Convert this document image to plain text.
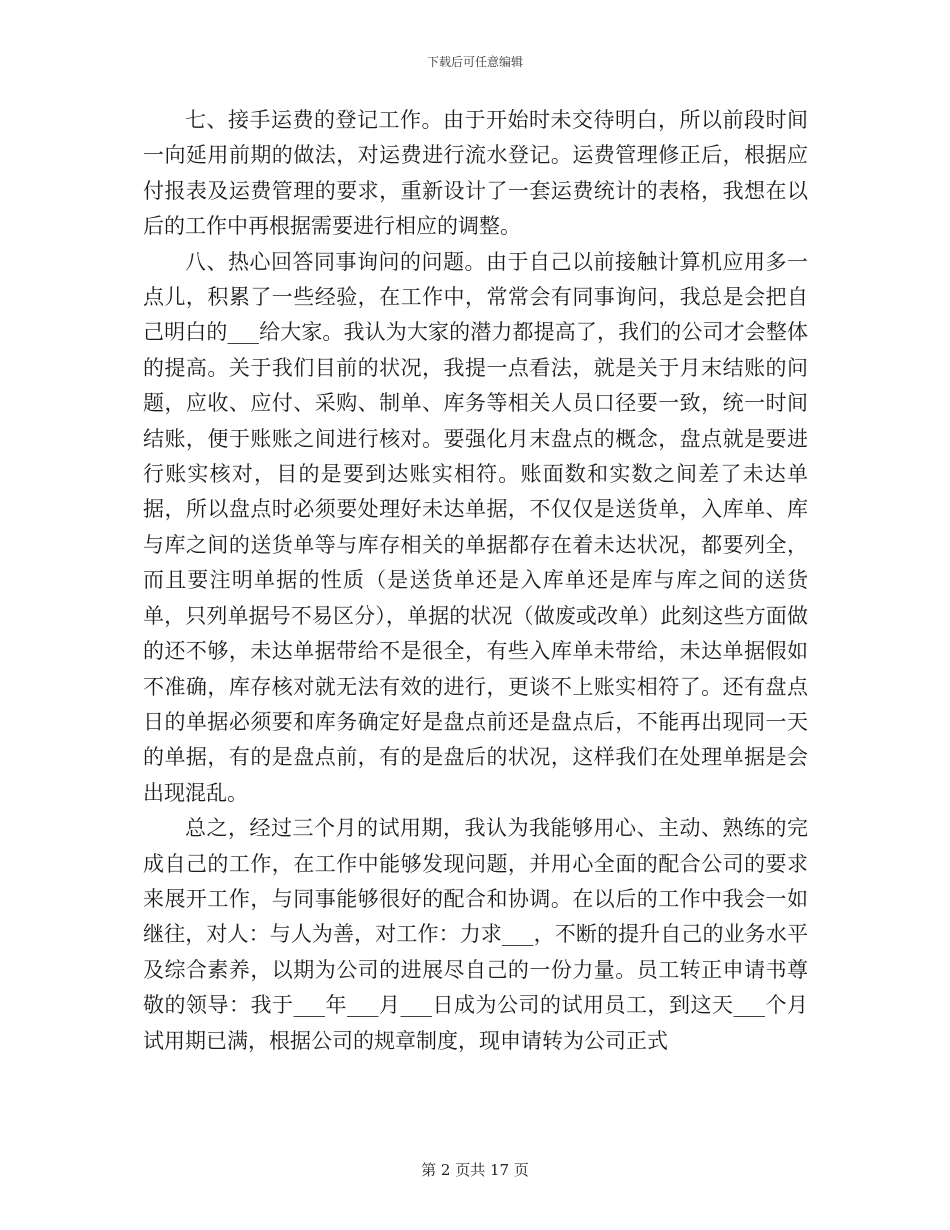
下载后可任意编辑

七、接手运费的登记工作。由于开始时未交待明白，所以前段时间一向延用前期的做法，对运费进行流水登记。运费管理修正后，根据应付报表及运费管理的要求，重新设计了一套运费统计的表格，我想在以后的工作中再根据需要进行相应的调整。

八、热心回答同事询问的问题。由于自己以前接触计算机应用多一点儿，积累了一些经验，在工作中，常常会有同事询问，我总是会把自己明白的___给大家。我认为大家的潜力都提高了，我们的公司才会整体的提高。关于我们目前的状况，我提一点看法，就是关于月末结账的问题，应收、应付、采购、制单、库务等相关人员口径要一致，统一时间结账，便于账账之间进行核对。要强化月末盘点的概念，盘点就是要进行账实核对，目的是要到达账实相符。账面数和实数之间差了未达单据，所以盘点时必须要处理好未达单据，不仅仅是送货单，入库单、库与库之间的送货单等与库存相关的单据都存在着未达状况，都要列全，而且要注明单据的性质（是送货单还是入库单还是库与库之间的送货单，只列单据号不易区分），单据的状况（做废或改单）此刻这些方面做的还不够，未达单据带给不是很全，有些入库单未带给，未达单据假如不准确，库存核对就无法有效的进行，更谈不上账实相符了。还有盘点日的单据必须要和库务确定好是盘点前还是盘点后，不能再出现同一天的单据，有的是盘点前，有的是盘后的状况，这样我们在处理单据是会出现混乱。

总之，经过三个月的试用期，我认为我能够用心、主动、熟练的完成自己的工作，在工作中能够发现问题，并用心全面的配合公司的要求来展开工作，与同事能够很好的配合和协调。在以后的工作中我会一如继往，对人：与人为善，对工作：力求___，不断的提升自己的业务水平及综合素养，以期为公司的进展尽自己的一份力量。员工转正申请书尊敬的领导：我于___年___月___日成为公司的试用员工，到这天___个月试用期已满，根据公司的规章制度，现申请转为公司正式

第 2 页共 17 页
